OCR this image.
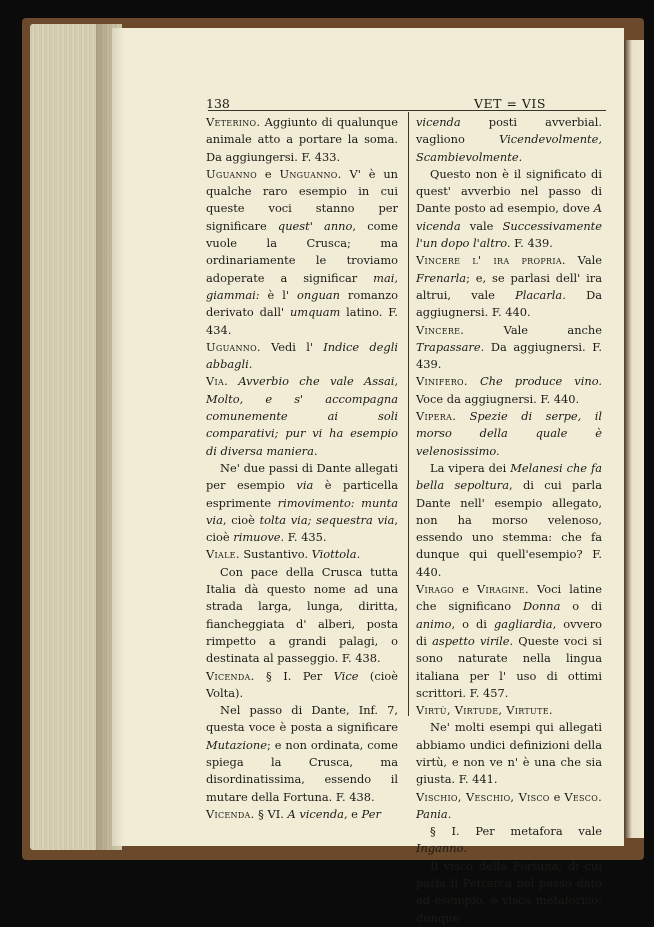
138	VET = VIS

Veterino. Aggiunto di qualunque animale atto a portare la soma. Da aggiungersi. F. 433.

Uguanno e Unguanno. V' è un qualche raro esempio in cui queste voci stanno per significare quest' anno, come vuole la Crusca; ma ordinariamente le troviamo adoperate a significar mai, giammai: è l' onguan romanzo derivato dall' umquam latino. F. 434.

Uguanno. Vedi l' Indice degli abbagli.

Via. Avverbio che vale Assai, Molto, e s' accompagna comunemente ai soli comparativi; pur vi ha esempio di diversa maniera.

Ne' due passi di Dante allegati per esempio via è particella esprimente rimovimento: munta via, cioè tolta via; sequestra via, cioè rimuove. F. 435.

Viale. Sustantivo. Viottola.

Con pace della Crusca tutta Italia dà questo nome ad una strada larga, lunga, diritta, fiancheggiata d' alberi, posta rimpetto a grandi palagi, o destinata al passeggio. F. 438.

Vicenda. § I. Per Vice (cioè Volta).

Nel passo di Dante, Inf. 7, questa voce è posta a significare Mutazione; e non ordinata, come spiega la Crusca, ma disordinatissima, essendo il mutare della Fortuna. F. 438.

Vicenda. § VI. A vicenda, e Per

vicenda posti avverbial. vagliono Vicendevolmente, Scambievolmente.

Questo non è il significato di quest' avverbio nel passo di Dante posto ad esempio, dove A vicenda vale Successivamente l'un dopo l'altro. F. 439.

Vincere l' ira propria. Vale Frenarla; e, se parlasi dell' ira altrui, vale Placarla. Da aggiugnersi. F. 440.

Vincere. Vale anche Trapassare. Da aggiugnersi. F. 439.

Vinifero. Che produce vino. Voce da aggiugnersi. F. 440.

Vipera. Spezie di serpe, il morso della quale è velenosissimo.

La vipera dei Melanesi che fa bella sepoltura, di cui parla Dante nell' esempio allegato, non ha morso velenoso, essendo uno stemma: che fa dunque qui quell'esempio? F. 440.

Virago e Viragine. Voci latine che significano Donna o di animo, o di gagliardia, ovvero di aspetto virile. Queste voci si sono naturate nella lingua italiana per l' uso di ottimi scrittori. F. 457.

Virtù, Virtude, Virtute.

Ne' molti esempi qui allegati abbiamo undici definizioni della virtù, e non ve n' è una che sia giusta. F. 441.

Vischio, Veschio, Visco e Vesco. Pania.

§ I. Per metafora vale Inganno.

Il visco della Fortuna, di cui parla il Petrarca nel passo dato ad esempio, è visco metaforico: dunque
